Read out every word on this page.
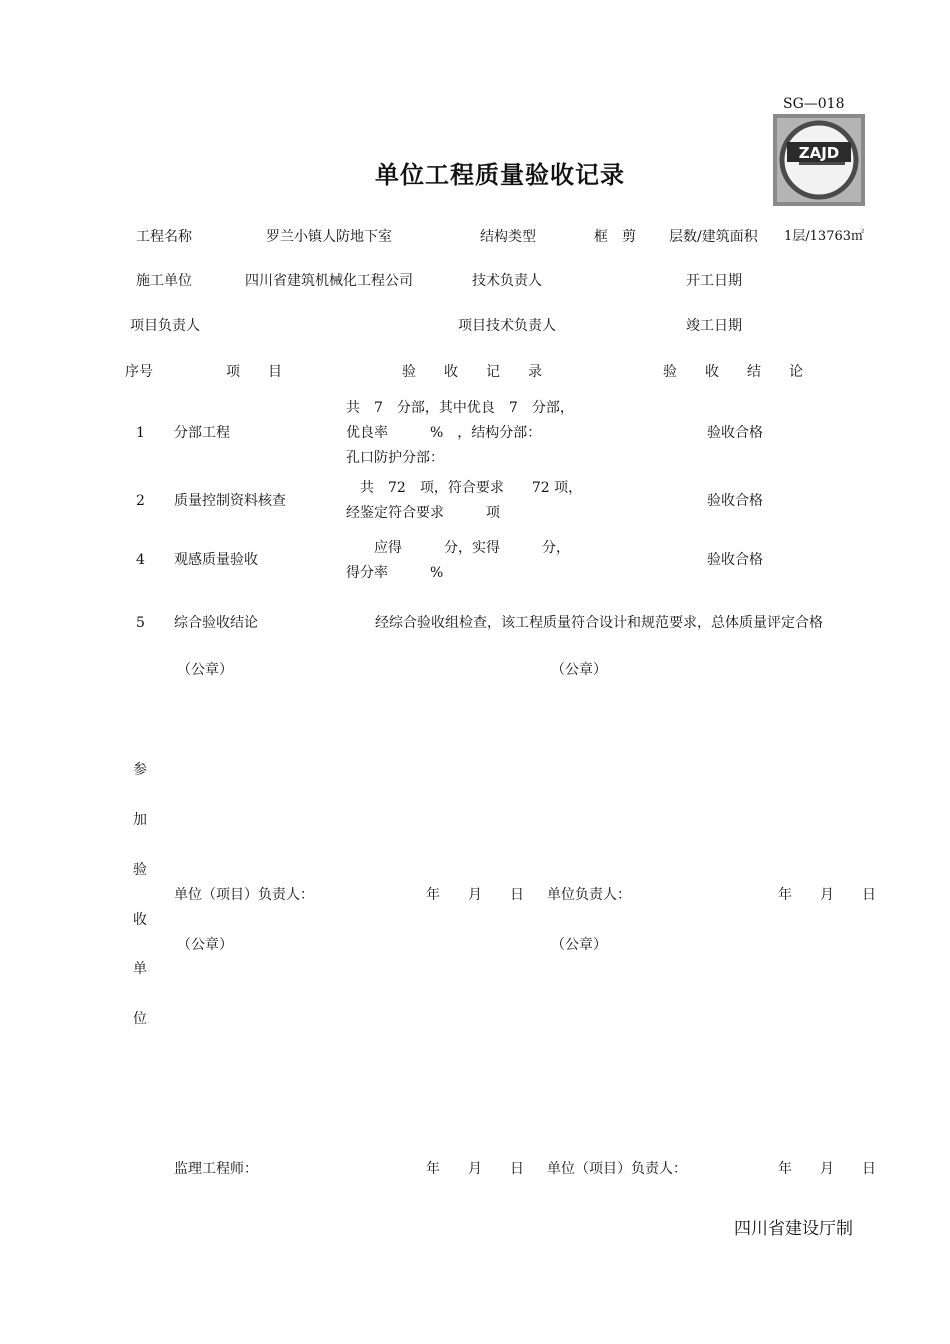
SG—018
ZAJD
单位工程质量验收记录
工程名称	罗兰小镇人防地下室	结构类型	框　剪 层数/建筑面积 1层/13763㎡
施工单位	四川省建筑机械化工程公司	技术负责人	开工日期
项目负责人	项目技术负责人	竣工日期
序号	项　　目	验　　收　　记　　录	验　　收　　结　　论
1 分部工程
共　7　分部，其中优良　7　分部，
优良率　　　%　，结构分部：
孔口防护分部：
验收合格
2 质量控制资料核查
　共　72　项，符合要求　　72 项，
经鉴定符合要求　　　项
验收合格
4 观感质量验收
　　应得　　　分，实得　　　分，
得分率　　　%
验收合格
5 综合验收结论	经综合验收组检查，该工程质量符合设计和规范要求，总体质量评定合格
（公章）	（公章）
参
加
验
收
单
位
单位（项目）负责人：	年　　月　　日 单位负责人：	年　　月　　日
（公章）	（公章）
监理工程师：	年　　月　　日 单位（项目）负责人：	年　　月　　日
四川省建设厅制
